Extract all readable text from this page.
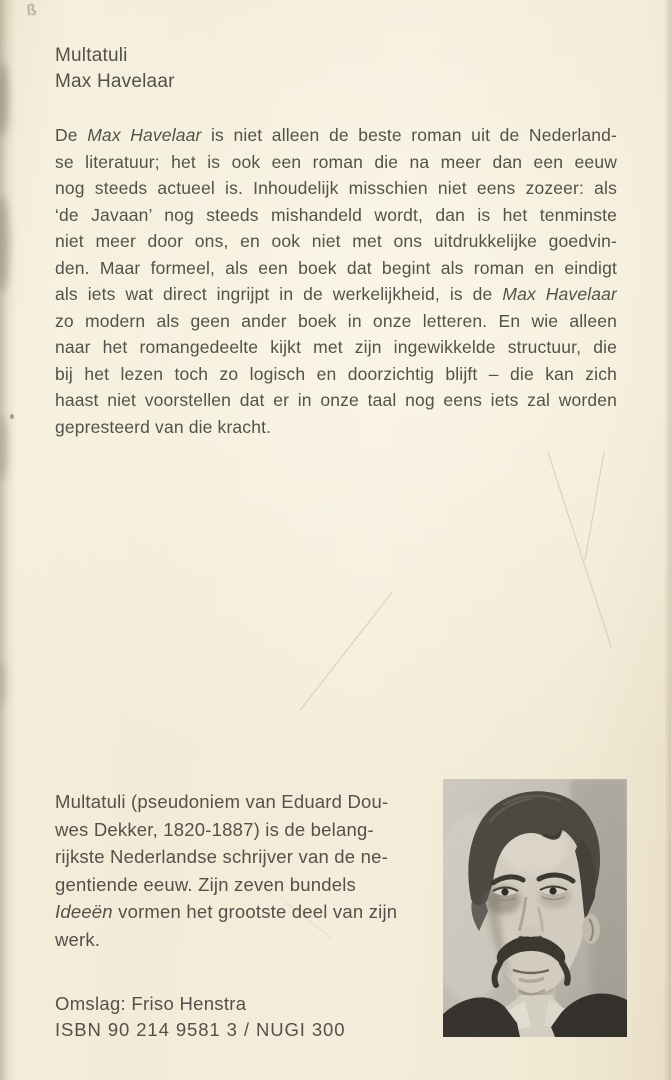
ß
Multatuli
Max Havelaar
De Max Havelaar is niet alleen de beste roman uit de Nederland-
se literatuur; het is ook een roman die na meer dan een eeuw
nog steeds actueel is. Inhoudelijk misschien niet eens zozeer: als
‘de Javaan’ nog steeds mishandeld wordt, dan is het tenminste
niet meer door ons, en ook niet met ons uitdrukkelijke goedvin-
den. Maar formeel, als een boek dat begint als roman en eindigt
als iets wat direct ingrijpt in de werkelijkheid, is de Max Havelaar
zo modern als geen ander boek in onze letteren. En wie alleen
naar het romangedeelte kijkt met zijn ingewikkelde structuur, die
bij het lezen toch zo logisch en doorzichtig blijft – die kan zich
haast niet voorstellen dat er in onze taal nog eens iets zal worden
gepresteerd van die kracht.
Multatuli (pseudoniem van Eduard Dou-
wes Dekker, 1820-1887) is de belang-
rijkste Nederlandse schrijver van de ne-
gentiende eeuw. Zijn zeven bundels
Ideeën vormen het grootste deel van zijn
werk.
Omslag: Friso Henstra
ISBN 90 214 9581 3 / NUGI 300
